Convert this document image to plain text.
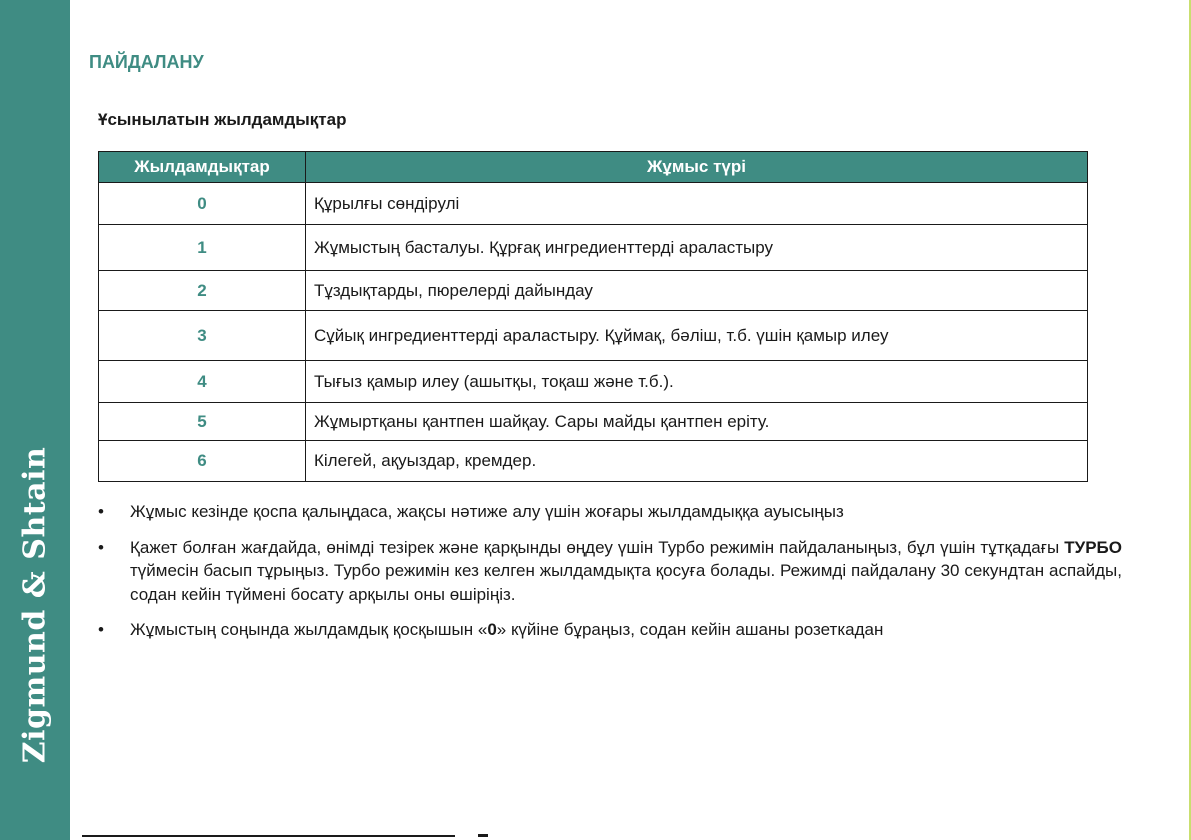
Zigmund & Shtain
ПАЙДАЛАНУ
Ұсынылатын жылдамдықтар
Жылдамдықтар	Жұмыс түрі
0	Құрылғы сөндірулі
1	Жұмыстың басталуы. Құрғақ ингредиенттерді араластыру
2	Тұздықтарды, пюрелерді дайындау
3	Сұйық ингредиенттерді араластыру. Құймақ, бәліш, т.б. үшін қамыр илеу
4	Тығыз қамыр илеу (ашытқы, тоқаш және т.б.).
5	Жұмыртқаны қантпен шайқау. Сары майды қантпен еріту.
6	Кілегей, ақуыздар, кремдер.
• Жұмыс кезінде қоспа қалыңдаса, жақсы нәтиже алу үшін жоғары жылдамдыққа ауысыңыз
• Қажет болған жағдайда, өнімді тезірек және қарқынды өңдеу үшін Турбо режимін пайдаланыңыз, бұл үшін тұтқадағы ТУРБО түймесін басып тұрыңыз. Турбо режимін кез келген жылдамдықта қосуға болады. Режимді пайдалану 30 секундтан аспайды, содан кейін түймені босату арқылы оны өшіріңіз.
• Жұмыстың соңында жылдамдық қосқышын «0» күйіне бұраңыз, содан кейін ашаны розеткадан
